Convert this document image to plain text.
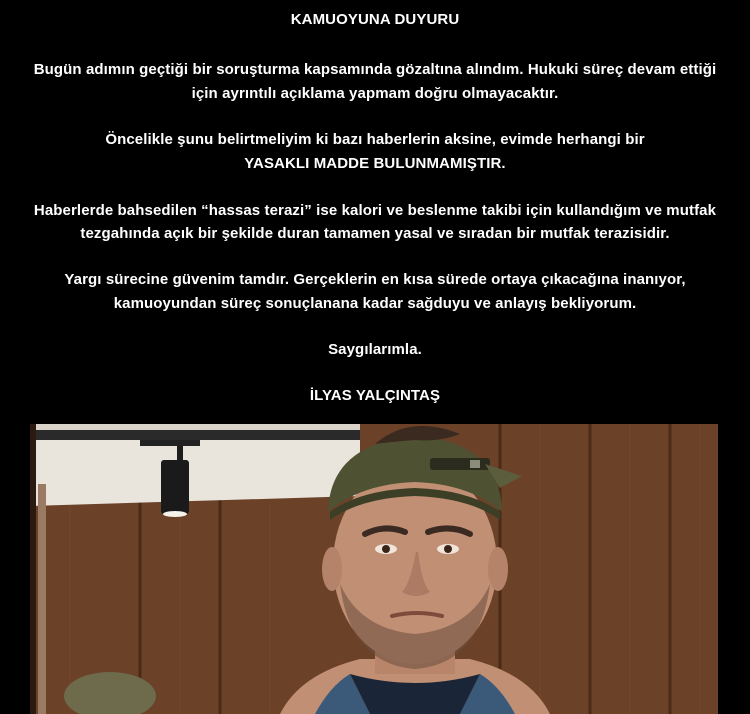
KAMUOYUNA DUYURU
Bugün adımın geçtiği bir soruşturma kapsamında gözaltına alındım. Hukuki süreç devam ettiği
için ayrıntılı açıklama yapmam doğru olmayacaktır.
Öncelikle şunu belirtmeliyim ki bazı haberlerin aksine, evimde herhangi bir
YASAKLI MADDE BULUNMAMIŞTIR.
Haberlerde bahsedilen “hassas terazi” ise kalori ve beslenme takibi için kullandığım ve mutfak
tezgahında açık bir şekilde duran tamamen yasal ve sıradan bir mutfak terazisidir.
Yargı sürecine güvenim tamdır. Gerçeklerin en kısa sürede ortaya çıkacağına inanıyor,
kamuoyundan süreç sonuçlanana kadar sağduyu ve anlayış bekliyorum.
Saygılarımla.
İLYAS YALÇINTAŞ
